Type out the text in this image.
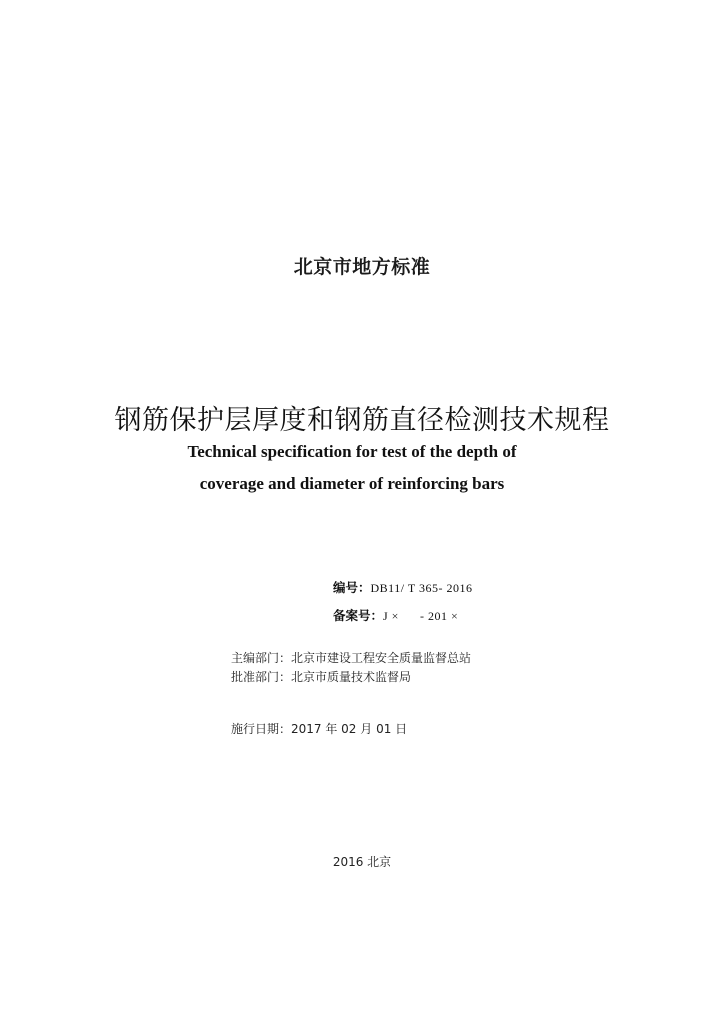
北京市地方标准
钢筋保护层厚度和钢筋直径检测技术规程
Technical specification for test of the depth of
coverage and diameter of reinforcing bars
编号：DB11/ T 365- 2016
备案号：J ×      - 201 ×
主编部门：北京市建设工程安全质量监督总站
批准部门：北京市质量技术监督局
施行日期：2017 年 02 月 01 日
2016 北京
